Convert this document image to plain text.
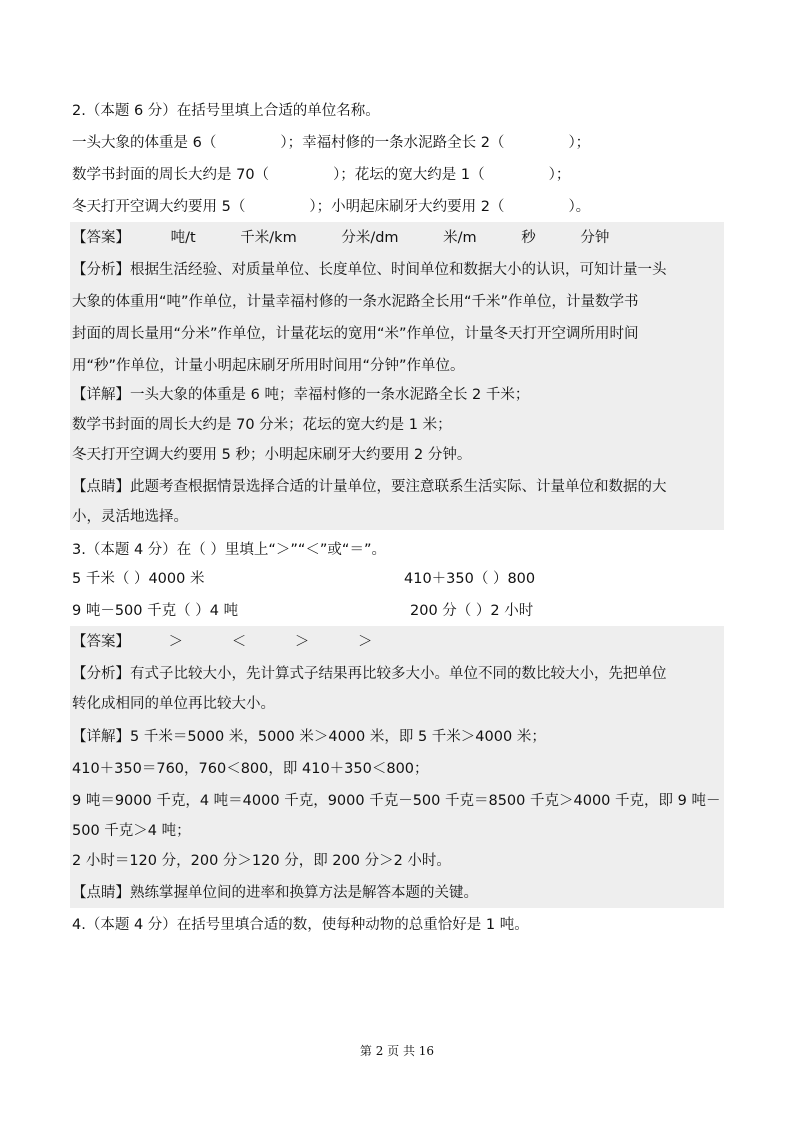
2.（本题 6 分）在括号里填上合适的单位名称。
一头大象的体重是 6（	）；幸福村修的一条水泥路全长 2（	）；
数学书封面的周长大约是 70（	）；花坛的宽大约是 1（	）；
冬天打开空调大约要用 5（	）；小明起床刷牙大约要用 2（	）。
【答案】	吨/t	千米/km	分米/dm	米/m	秒	分钟
【分析】根据生活经验、对质量单位、长度单位、时间单位和数据大小的认识，可知计量一头
大象的体重用“吨”作单位，计量幸福村修的一条水泥路全长用“千米”作单位，计量数学书
封面的周长量用“分米”作单位，计量花坛的宽用“米”作单位，计量冬天打开空调所用时间
用“秒”作单位，计量小明起床刷牙所用时间用“分钟”作单位。
【详解】一头大象的体重是 6 吨；幸福村修的一条水泥路全长 2 千米；
数学书封面的周长大约是 70 分米；花坛的宽大约是 1 米；
冬天打开空调大约要用 5 秒；小明起床刷牙大约要用 2 分钟。
【点睛】此题考查根据情景选择合适的计量单位，要注意联系生活实际、计量单位和数据的大
小，灵活地选择。
3.（本题 4 分）在（ ）里填上“＞”“＜”或“＝”。
5 千米（ ）4000 米	410＋350（ ）800
9 吨－500 千克（ ）4 吨	200 分（ ）2 小时
【答案】	＞	＜	＞	＞
【分析】有式子比较大小，先计算式子结果再比较多大小。单位不同的数比较大小，先把单位
转化成相同的单位再比较大小。
【详解】5 千米＝5000 米，5000 米＞4000 米，即 5 千米＞4000 米；
410＋350＝760，760＜800，即 410＋350＜800；
9 吨＝9000 千克，4 吨＝4000 千克，9000 千克－500 千克＝8500 千克＞4000 千克，即 9 吨－
500 千克＞4 吨；
2 小时＝120 分，200 分＞120 分，即 200 分＞2 小时。
【点睛】熟练掌握单位间的进率和换算方法是解答本题的关键。
4.（本题 4 分）在括号里填合适的数，使每种动物的总重恰好是 1 吨。
第 2 页 共 16
